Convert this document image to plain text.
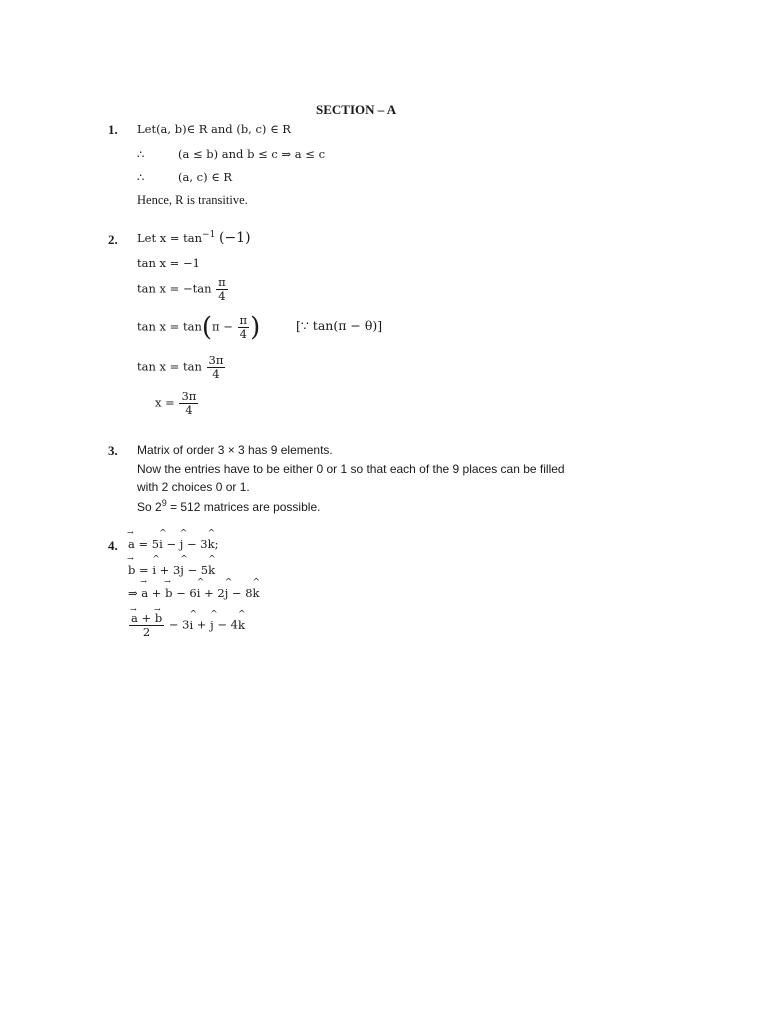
SECTION – A
1. Let(a, b)∈ R and (b, c) ∈ R
∴	(a ≤ b) and b ≤ c ⇒ a ≤ c
∴	(a, c) ∈ R
Hence, R is transitive.
2. Let $x = \tan^{-1} (-1)$
tan x = −1
$\tan x = -\tan \frac{\pi}{4}$
$\tan x = \tan(\pi - \frac{\pi}{4}$ )	[∵ tan(π − θ)]
$\tan x = \tan \frac{3\pi}{4}$
$x = \frac{3\pi}{4}$
3. Matrix of order 3 × 3 has 9 elements.
Now the entries have to be either 0 or 1 so that each of the 9 places can be filled
with 2 choices 0 or 1.
So $2^9 = 512$ matrices are possible.
4. → a = 5^ i − ^ j − 3^ k;
→ b = ^ i + 3^ j − 5^ k
⇒ → a + → b − 6^ i + 2^ j − 8^ k
→ $\frac{a + \to b}{2}$ − 3^ i + ^ j − 4^ k
